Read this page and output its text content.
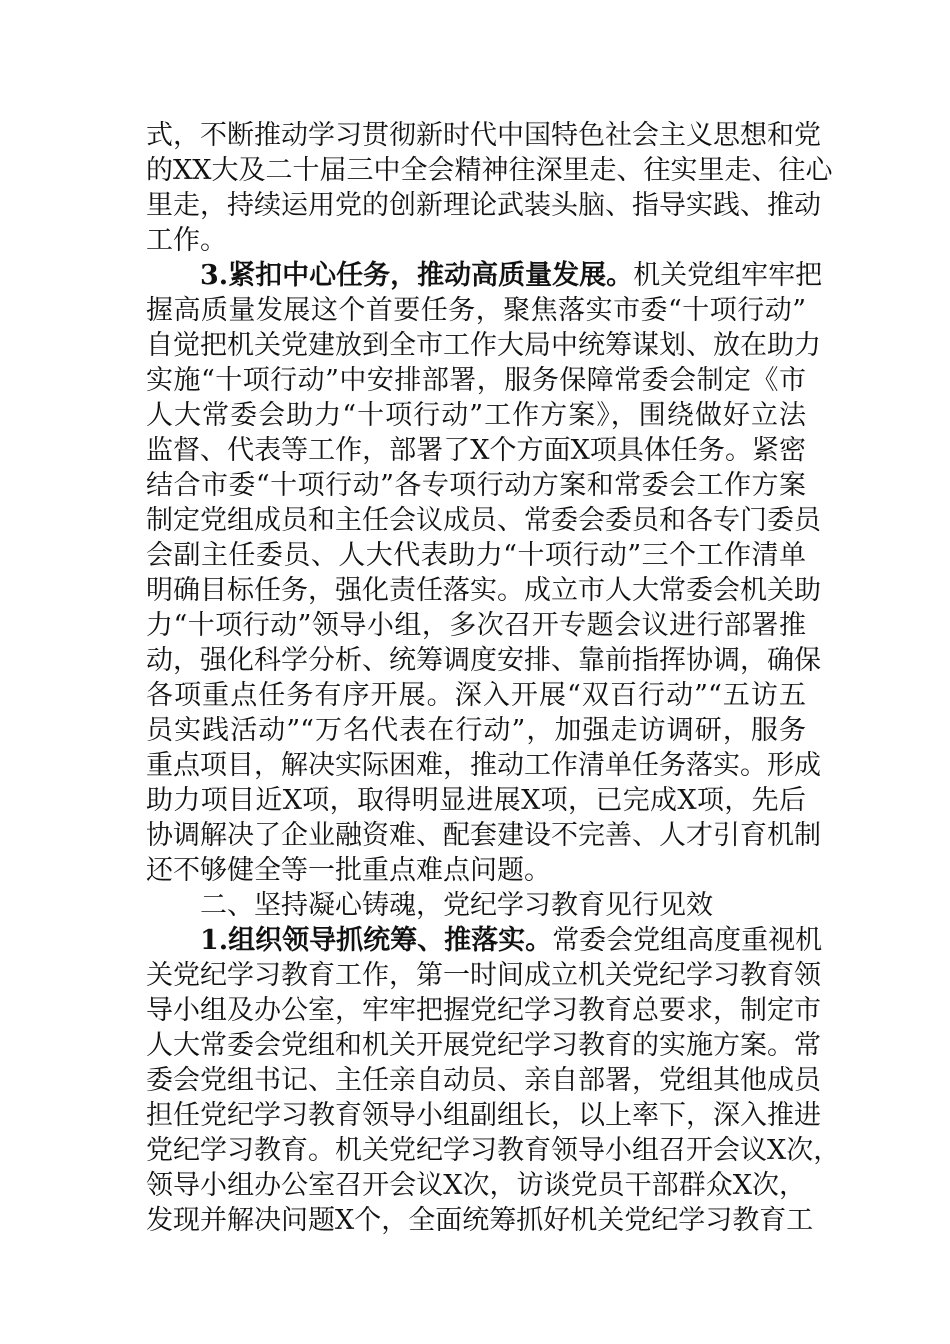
式，不断推动学习贯彻新时代中国特色社会主义思想和党
的XX大及二十届三中全会精神往深里走、往实里走、往心
里走，持续运用党的创新理论武装头脑、指导实践、推动
工作。
3.紧扣中心任务，推动高质量发展。机关党组牢牢把
握高质量发展这个首要任务，聚焦落实市委“十项行动”
自觉把机关党建放到全市工作大局中统筹谋划、放在助力
实施“十项行动”中安排部署，服务保障常委会制定《市
人大常委会助力“十项行动”工作方案》，围绕做好立法
监督、代表等工作，部署了X个方面X项具体任务。紧密
结合市委“十项行动”各专项行动方案和常委会工作方案
制定党组成员和主任会议成员、常委会委员和各专门委员
会副主任委员、人大代表助力“十项行动”三个工作清单
明确目标任务，强化责任落实。成立市人大常委会机关助
力“十项行动”领导小组，多次召开专题会议进行部署推
动，强化科学分析、统筹调度安排、靠前指挥协调，确保
各项重点任务有序开展。深入开展“双百行动”“五访五
员实践活动”“万名代表在行动”，加强走访调研，服务
重点项目，解决实际困难，推动工作清单任务落实。形成
助力项目近X项，取得明显进展X项，已完成X项，先后
协调解决了企业融资难、配套建设不完善、人才引育机制
还不够健全等一批重点难点问题。
二、坚持凝心铸魂，党纪学习教育见行见效
1.组织领导抓统筹、推落实。常委会党组高度重视机
关党纪学习教育工作，第一时间成立机关党纪学习教育领
导小组及办公室，牢牢把握党纪学习教育总要求，制定市
人大常委会党组和机关开展党纪学习教育的实施方案。常
委会党组书记、主任亲自动员、亲自部署，党组其他成员
担任党纪学习教育领导小组副组长，以上率下，深入推进
党纪学习教育。机关党纪学习教育领导小组召开会议X次，
领导小组办公室召开会议X次，访谈党员干部群众X次，
发现并解决问题X个，全面统筹抓好机关党纪学习教育工
